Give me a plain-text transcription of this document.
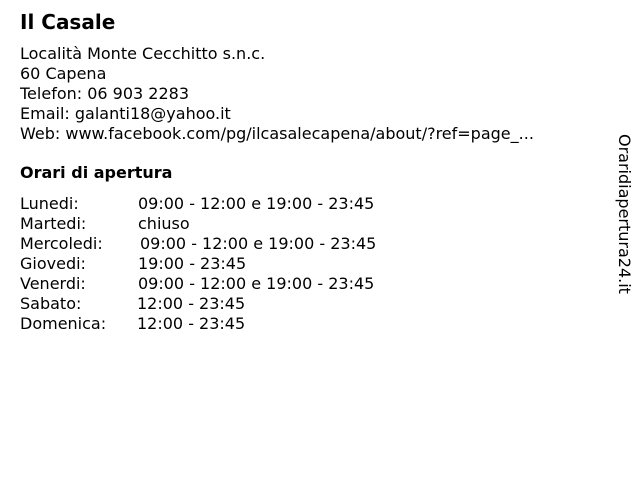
Il Casale
Località Monte Cecchitto s.n.c.
60 Capena
Telefon: 06 903 2283
Email: galanti18@yahoo.it
Web: www.facebook.com/pg/ilcasalecapena/about/?ref=page_...
Orari di apertura
Lunedi:	09:00 - 12:00 e 19:00 - 23:45
Martedi:	chiuso
Mercoledi:	09:00 - 12:00 e 19:00 - 23:45
Giovedi:	19:00 - 23:45
Venerdi:	09:00 - 12:00 e 19:00 - 23:45
Sabato:	12:00 - 23:45
Domenica:	12:00 - 23:45
Oraridiapertura24.it
